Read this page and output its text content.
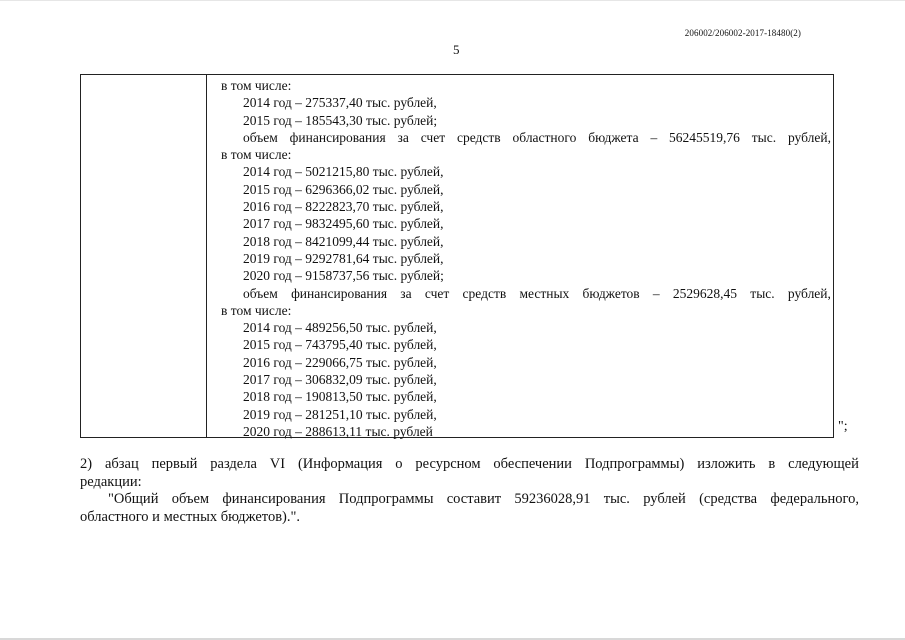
206002/206002-2017-18480(2)
5
в том числе:
2014 год – 275337,40 тыс. рублей,
2015 год – 185543,30 тыс. рублей;
объем финансирования за счет средств областного бюджета – 56245519,76 тыс. рублей,
в том числе:
2014 год – 5021215,80 тыс. рублей,
2015 год – 6296366,02 тыс. рублей,
2016 год – 8222823,70 тыс. рублей,
2017 год – 9832495,60 тыс. рублей,
2018 год – 8421099,44 тыс. рублей,
2019 год – 9292781,64 тыс. рублей,
2020 год – 9158737,56 тыс. рублей;
объем финансирования за счет средств местных бюджетов – 2529628,45 тыс. рублей,
в том числе:
2014 год – 489256,50 тыс. рублей,
2015 год – 743795,40 тыс. рублей,
2016 год – 229066,75 тыс. рублей,
2017 год – 306832,09 тыс. рублей,
2018 год – 190813,50 тыс. рублей,
2019 год – 281251,10 тыс. рублей,
2020 год – 288613,11 тыс. рублей	";
2) абзац первый раздела VI (Информация о ресурсном обеспечении Подпрограммы) изложить в следующей
редакции:
"Общий объем финансирования Подпрограммы составит 59236028,91 тыс. рублей (средства федерального,
областного и местных бюджетов).".
